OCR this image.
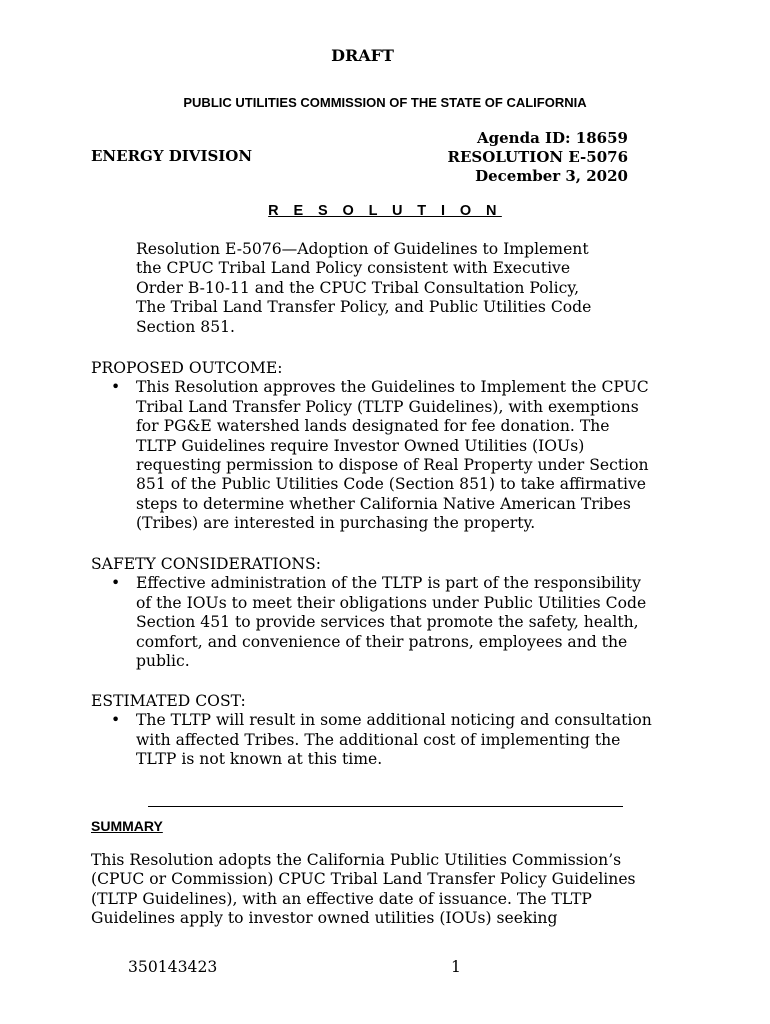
DRAFT
PUBLIC UTILITIES COMMISSION OF THE STATE OF CALIFORNIA
Agenda ID: 18659
RESOLUTION E-5076
December 3, 2020
ENERGY DIVISION
R E S O L U T I O N
Resolution E-5076—Adoption of Guidelines to Implement
the CPUC Tribal Land Policy consistent with Executive
Order B-10-11 and the CPUC Tribal Consultation Policy,
The Tribal Land Transfer Policy, and Public Utilities Code
Section 851.
PROPOSED OUTCOME:
• This Resolution approves the Guidelines to Implement the CPUC
Tribal Land Transfer Policy (TLTP Guidelines), with exemptions
for PG&E watershed lands designated for fee donation. The
TLTP Guidelines require Investor Owned Utilities (IOUs)
requesting permission to dispose of Real Property under Section
851 of the Public Utilities Code (Section 851) to take affirmative
steps to determine whether California Native American Tribes
(Tribes) are interested in purchasing the property.
SAFETY CONSIDERATIONS:
• Effective administration of the TLTP is part of the responsibility
of the IOUs to meet their obligations under Public Utilities Code
Section 451 to provide services that promote the safety, health,
comfort, and convenience of their patrons, employees and the
public.
ESTIMATED COST:
• The TLTP will result in some additional noticing and consultation
with affected Tribes. The additional cost of implementing the
TLTP is not known at this time.
SUMMARY
This Resolution adopts the California Public Utilities Commission’s
(CPUC or Commission) CPUC Tribal Land Transfer Policy Guidelines
(TLTP Guidelines), with an effective date of issuance. The TLTP
Guidelines apply to investor owned utilities (IOUs) seeking
350143423	1
